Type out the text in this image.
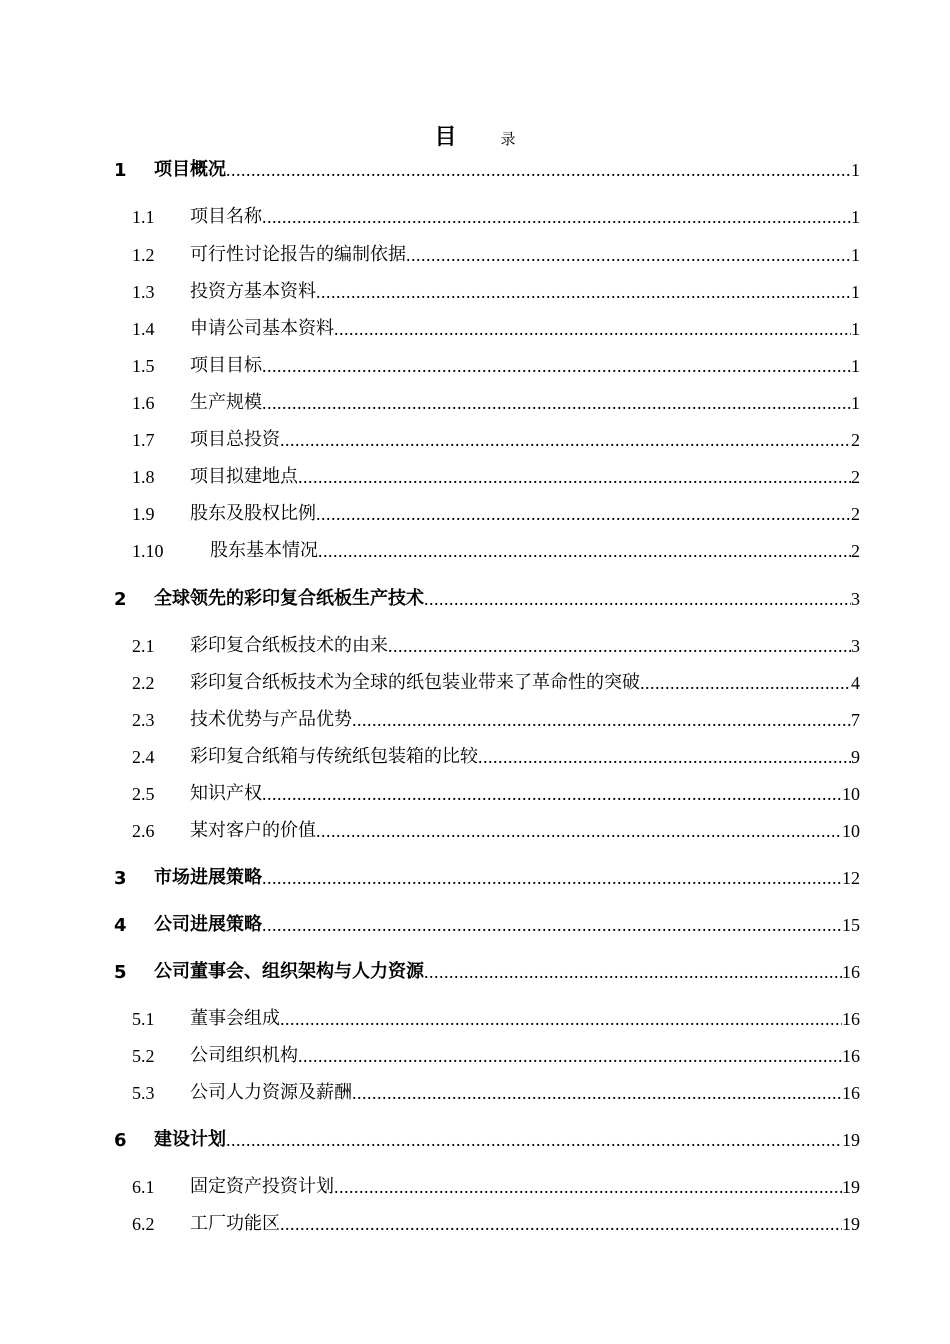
目	录
1	项目概况 .....	1
1.1	项目名称 .....	1
1.2	可行性讨论报告的编制依据 .....	1
1.3	投资方基本资料 .....	1
1.4	申请公司基本资料 .....	1
1.5	项目目标 .....	1
1.6	生产规模 .....	1
1.7	项目总投资 .....	2
1.8	项目拟建地点 .....	2
1.9	股东及股权比例 .....	2
1.10	股东基本情况 .....	2
2	全球领先的彩印复合纸板生产技术 .....	3
2.1	彩印复合纸板技术的由来 .....	3
2.2	彩印复合纸板技术为全球的纸包装业带来了革命性的突破 .....	4
2.3	技术优势与产品优势 .....	7
2.4	彩印复合纸箱与传统纸包装箱的比较 .....	9
2.5	知识产权 .....	10
2.6	某对客户的价值 .....	10
3	市场进展策略 .....	12
4	公司进展策略 .....	15
5	公司董事会、组织架构与人力资源 .....	16
5.1	董事会组成 .....	16
5.2	公司组织机构 .....	16
5.3	公司人力资源及薪酬 .....	16
6	建设计划 .....	19
6.1	固定资产投资计划 .....	19
6.2	工厂功能区 .....	19
